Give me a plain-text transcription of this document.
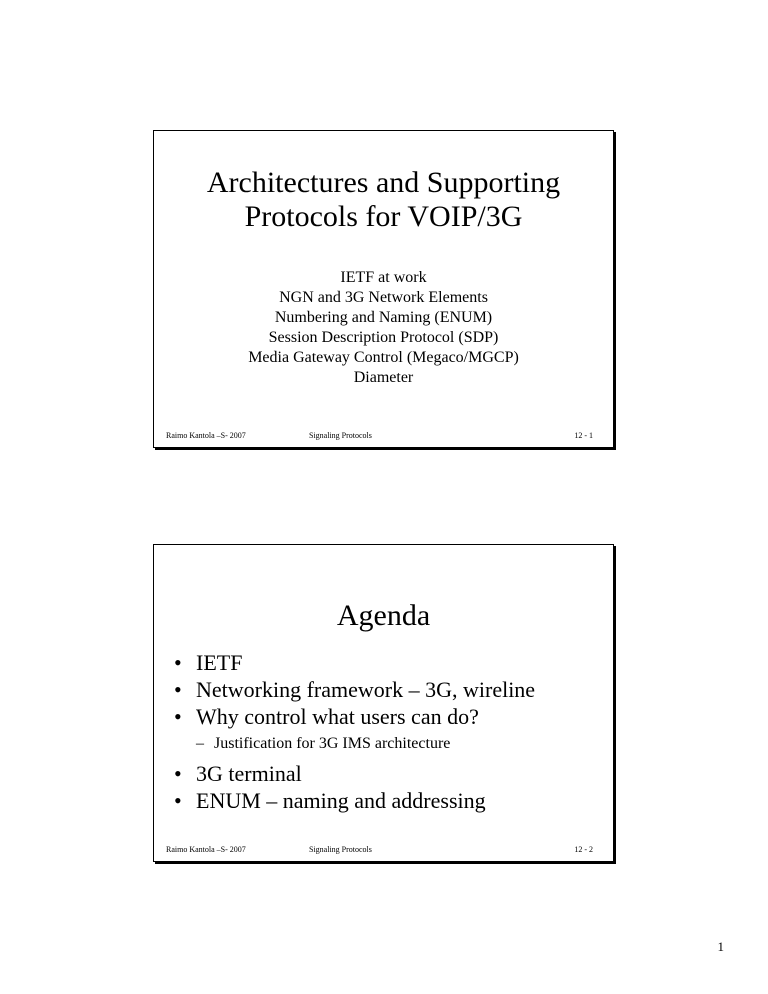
Architectures and Supporting
Protocols for VOIP/3G
IETF at work
NGN and 3G Network Elements
Numbering and Naming (ENUM)
Session Description Protocol (SDP)
Media Gateway Control (Megaco/MGCP)
Diameter
Raimo Kantola –S- 2007	Signaling Protocols	12 - 1
Agenda
• IETF
• Networking framework – 3G, wireline
• Why control what users can do?
– Justification for 3G IMS architecture
• 3G terminal
• ENUM – naming and addressing
Raimo Kantola –S- 2007	Signaling Protocols	12 - 2
1
